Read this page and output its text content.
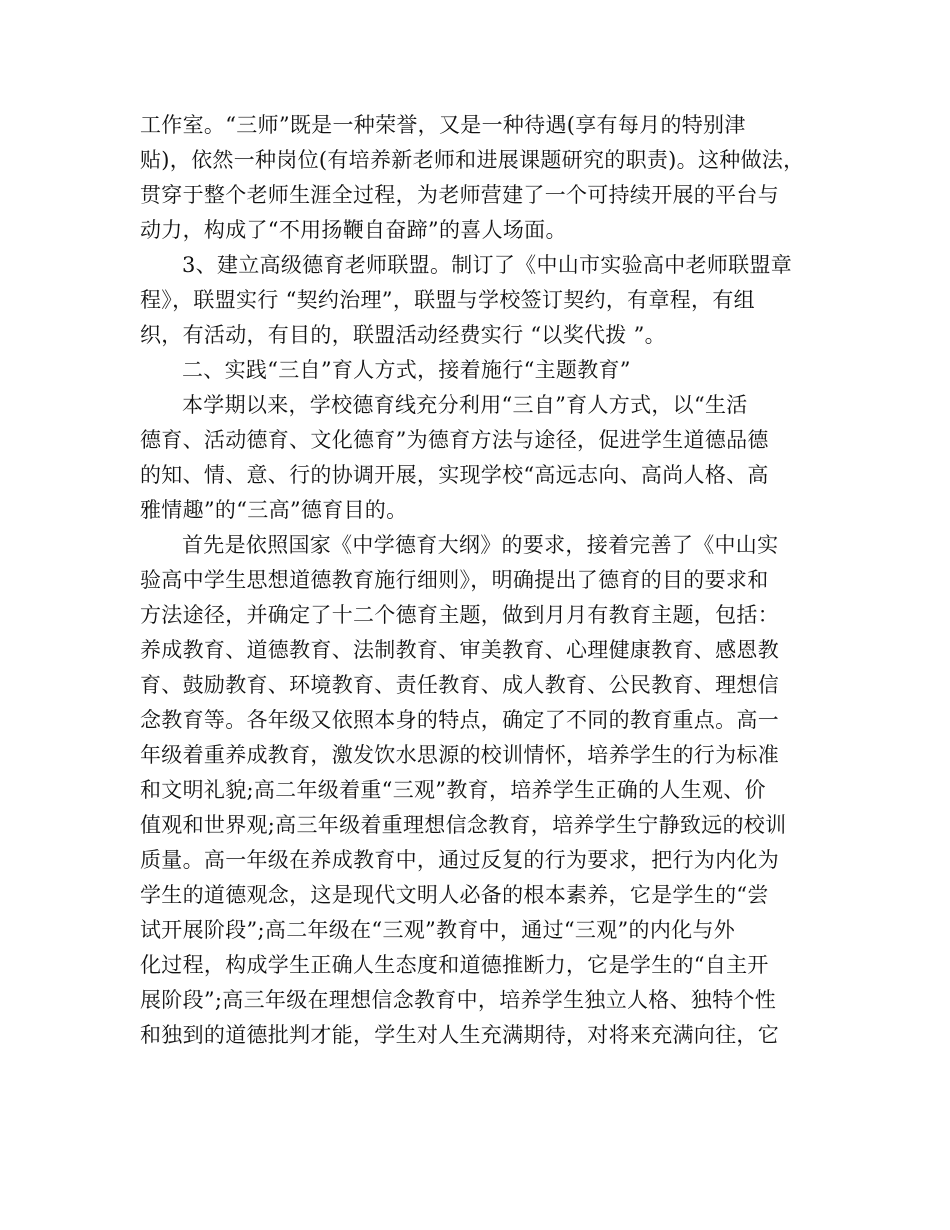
工作室。“三师”既是一种荣誉，又是一种待遇(享有每月的特别津
贴)，依然一种岗位(有培养新老师和进展课题研究的职责)。这种做法，
贯穿于整个老师生涯全过程，为老师营建了一个可持续开展的平台与
动力，构成了“不用扬鞭自奋蹄”的喜人场面。
3、建立高级德育老师联盟。制订了《中山市实验高中老师联盟章
程》，联盟实行 “契约治理”，联盟与学校签订契约，有章程，有组
织，有活动，有目的，联盟活动经费实行 “以奖代拨 ”。
二、实践“三自”育人方式，接着施行“主题教育”
本学期以来，学校德育线充分利用“三自”育人方式，以“生活
德育、活动德育、文化德育”为德育方法与途径，促进学生道德品德
的知、情、意、行的协调开展，实现学校“高远志向、高尚人格、高
雅情趣”的“三高”德育目的。
首先是依照国家《中学德育大纲》的要求，接着完善了《中山实
验高中学生思想道德教育施行细则》，明确提出了德育的目的要求和
方法途径，并确定了十二个德育主题，做到月月有教育主题，包括：
养成教育、道德教育、法制教育、审美教育、心理健康教育、感恩教
育、鼓励教育、环境教育、责任教育、成人教育、公民教育、理想信
念教育等。各年级又依照本身的特点，确定了不同的教育重点。高一
年级着重养成教育，激发饮水思源的校训情怀，培养学生的行为标准
和文明礼貌;高二年级着重“三观”教育，培养学生正确的人生观、价
值观和世界观;高三年级着重理想信念教育，培养学生宁静致远的校训
质量。高一年级在养成教育中，通过反复的行为要求，把行为内化为
学生的道德观念，这是现代文明人必备的根本素养，它是学生的“尝
试开展阶段”;高二年级在“三观”教育中，通过“三观”的内化与外
化过程，构成学生正确人生态度和道德推断力，它是学生的“自主开
展阶段”;高三年级在理想信念教育中，培养学生独立人格、独特个性
和独到的道德批判才能，学生对人生充满期待，对将来充满向往，它
